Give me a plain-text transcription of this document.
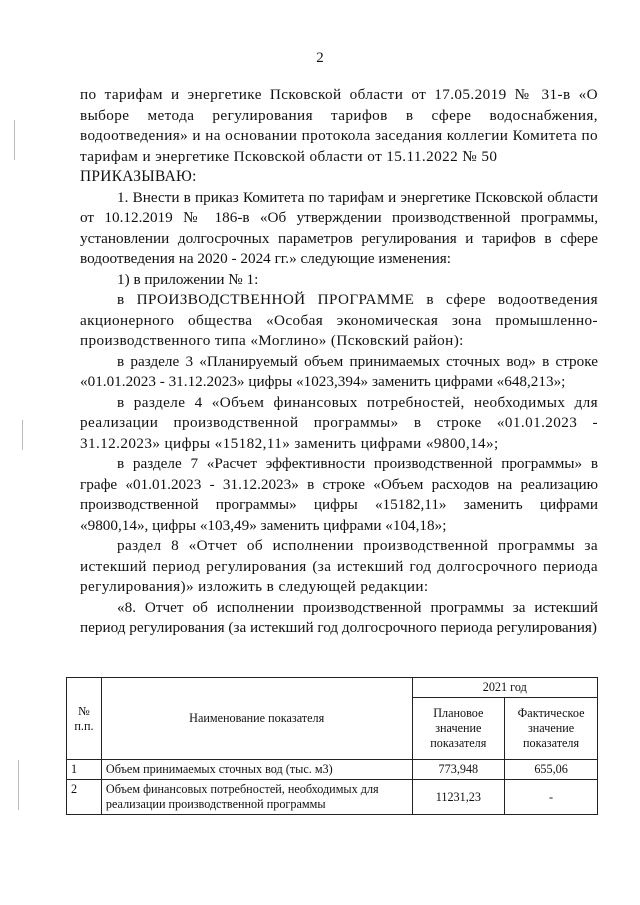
2

по тарифам и энергетике Псковской области от 17.05.2019 № 31-в «О выборе метода регулирования тарифов в сфере водоснабжения, водоотведения» и на основании протокола заседания коллегии Комитета по тарифам и энергетике Псковской области от 15.11.2022 № 50

ПРИКАЗЫВАЮ:

1. Внести в приказ Комитета по тарифам и энергетике Псковской области от 10.12.2019 № 186-в «Об утверждении производственной программы, установлении долгосрочных параметров регулирования и тарифов в сфере водоотведения на 2020 - 2024 гг.» следующие изменения:

1) в приложении № 1:

в ПРОИЗВОДСТВЕННОЙ ПРОГРАММЕ в сфере водоотведения акционерного общества «Особая экономическая зона промышленно-производственного типа «Моглино» (Псковский район):

в разделе 3 «Планируемый объем принимаемых сточных вод» в строке «01.01.2023 - 31.12.2023» цифры «1023,394» заменить цифрами «648,213»;

в разделе 4 «Объем финансовых потребностей, необходимых для реализации производственной программы» в строке «01.01.2023 - 31.12.2023» цифры «15182,11» заменить цифрами «9800,14»;

в разделе 7 «Расчет эффективности производственной программы» в графе «01.01.2023 - 31.12.2023» в строке «Объем расходов на реализацию производственной программы» цифры «15182,11» заменить цифрами «9800,14», цифры «103,49» заменить цифрами «104,18»;

раздел 8 «Отчет об исполнении производственной программы за истекший период регулирования (за истекший год долгосрочного периода регулирования)» изложить в следующей редакции:

«8. Отчет об исполнении производственной программы за истекший период регулирования (за истекший год долгосрочного периода регулирования)

№ п.п.	Наименование показателя	2021 год	
		Плановое значение показателя	Фактическое значение показателя
1	Объем принимаемых сточных вод (тыс. м3)	773,948	655,06
2	Объем финансовых потребностей, необходимых для реализации производственной программы	11231,23	-
